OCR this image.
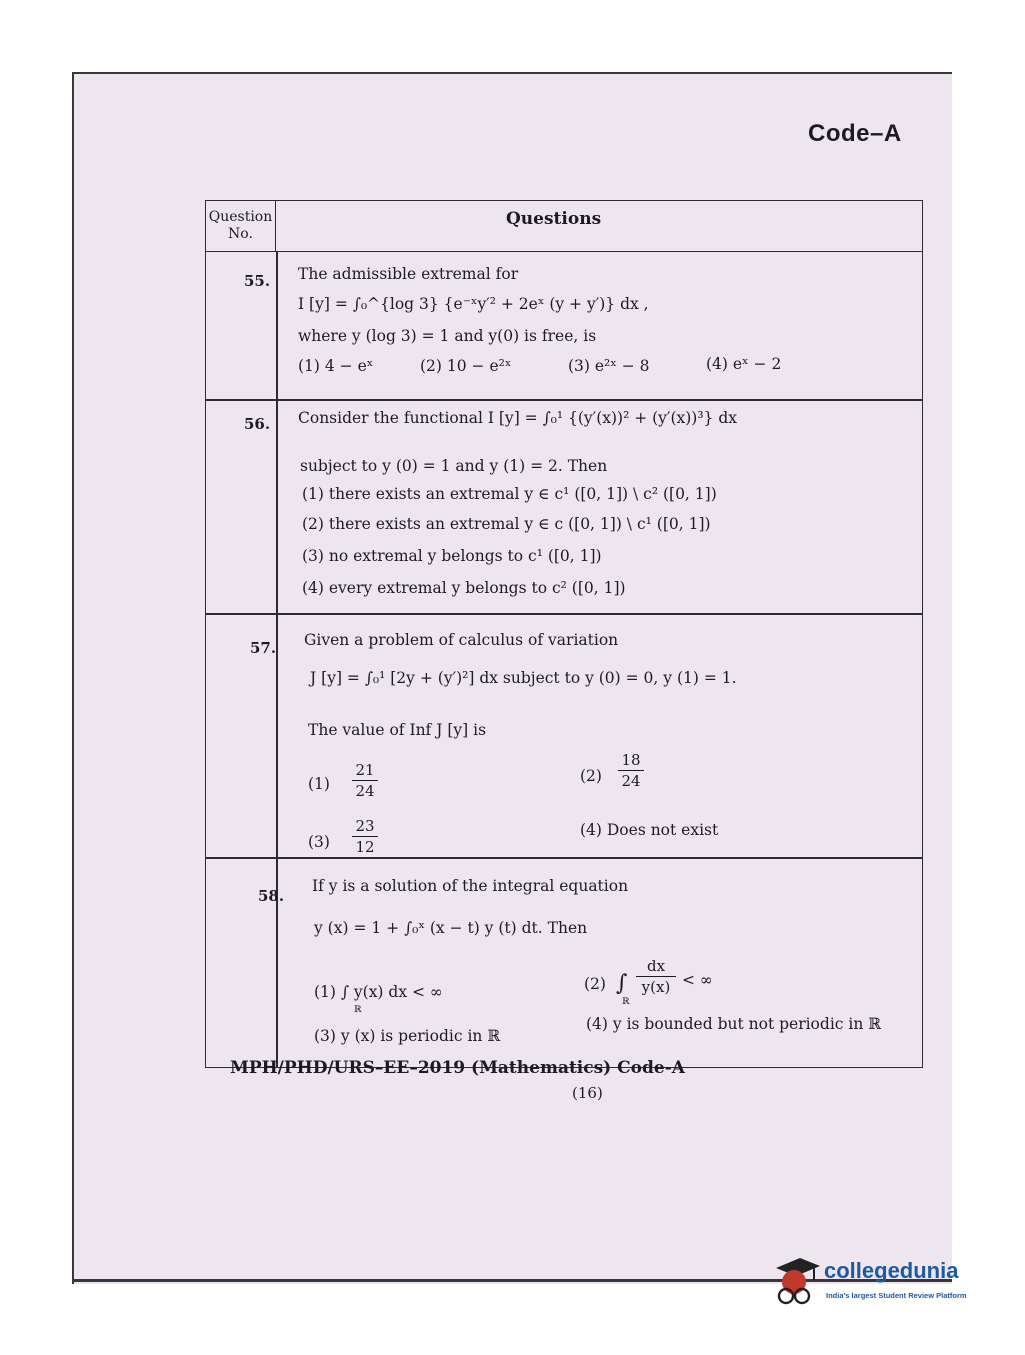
Code–A
Question No.
Questions
55. The admissible extremal for
I [y] = ∫₀^{log 3} {e⁻ˣy′² + 2eˣ (y + y′)} dx ,
where y (log 3) = 1 and y(0) is free, is
(1) 4 − eˣ	(2) 10 − e²ˣ	(3) e²ˣ − 8	(4) eˣ − 2
56. Consider the functional I [y] = ∫₀¹ {(y′(x))² + (y′(x))³} dx
subject to y (0) = 1 and y (1) = 2. Then
(1) there exists an extremal y ∈ c¹ ([0, 1]) \ c² ([0, 1])
(2) there exists an extremal y ∈ c ([0, 1]) \ c¹ ([0, 1])
(3) no extremal y belongs to c¹ ([0, 1])
(4) every extremal y belongs to c² ([0, 1])
57. Given a problem of calculus of variation
J [y] = ∫₀¹ [2y + (y′)²] dx subject to y (0) = 0, y (1) = 1.
The value of Inf J [y] is
$(1) \frac{21}{24}$	$(2) \frac{18}{24}$
$(3) \frac{23}{12}$	(4) Does not exist
58.
If y is a solution of the integral equation
y (x) = 1 + ∫₀ˣ (x − t) y (t) dt. Then
(1) ∫ y(x) dx < ∞
ℝ
(2) ∫
ℝ
$\frac{dx}{y(x)}$ < ∞
(3) y (x) is periodic in ℝ
(4) y is bounded but not periodic in ℝ
MPH/PHD/URS–EE–2019 (Mathematics) Code-A
(16)
collegedunia
India's largest Student Review Platform
